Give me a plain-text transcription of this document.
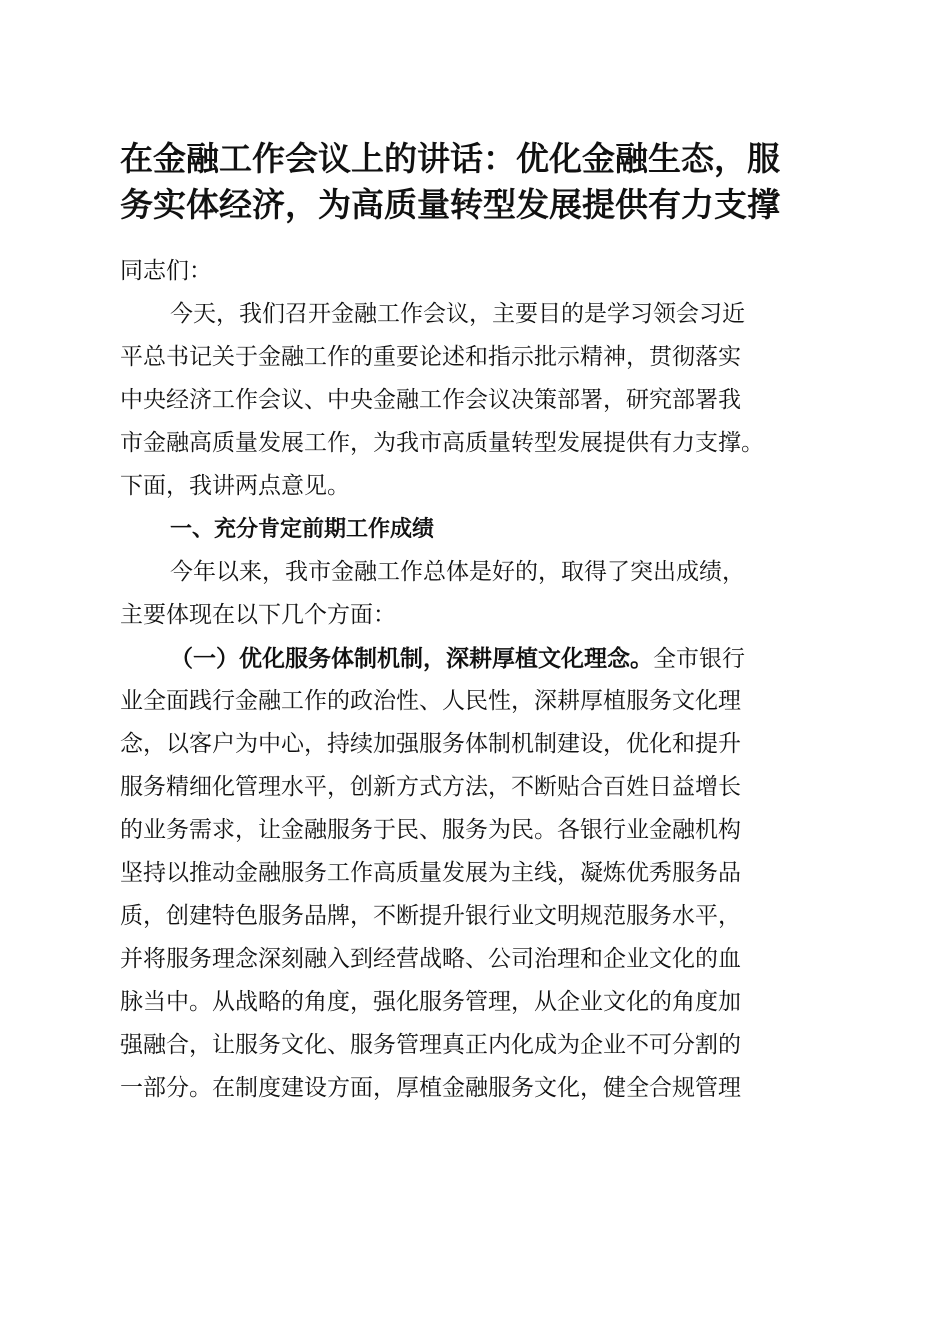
在金融工作会议上的讲话：优化金融生态，服
务实体经济，为高质量转型发展提供有力支撑
同志们：
今天，我们召开金融工作会议，主要目的是学习领会习近
平总书记关于金融工作的重要论述和指示批示精神，贯彻落实
中央经济工作会议、中央金融工作会议决策部署，研究部署我
市金融高质量发展工作，为我市高质量转型发展提供有力支撑。
下面，我讲两点意见。
一、充分肯定前期工作成绩
今年以来，我市金融工作总体是好的，取得了突出成绩，
主要体现在以下几个方面：
（一）优化服务体制机制，深耕厚植文化理念。全市银行
业全面践行金融工作的政治性、人民性，深耕厚植服务文化理
念，以客户为中心，持续加强服务体制机制建设，优化和提升
服务精细化管理水平，创新方式方法，不断贴合百姓日益增长
的业务需求，让金融服务于民、服务为民。各银行业金融机构
坚持以推动金融服务工作高质量发展为主线，凝炼优秀服务品
质，创建特色服务品牌，不断提升银行业文明规范服务水平，
并将服务理念深刻融入到经营战略、公司治理和企业文化的血
脉当中。从战略的角度，强化服务管理，从企业文化的角度加
强融合，让服务文化、服务管理真正内化成为企业不可分割的
一部分。在制度建设方面，厚植金融服务文化，健全合规管理
